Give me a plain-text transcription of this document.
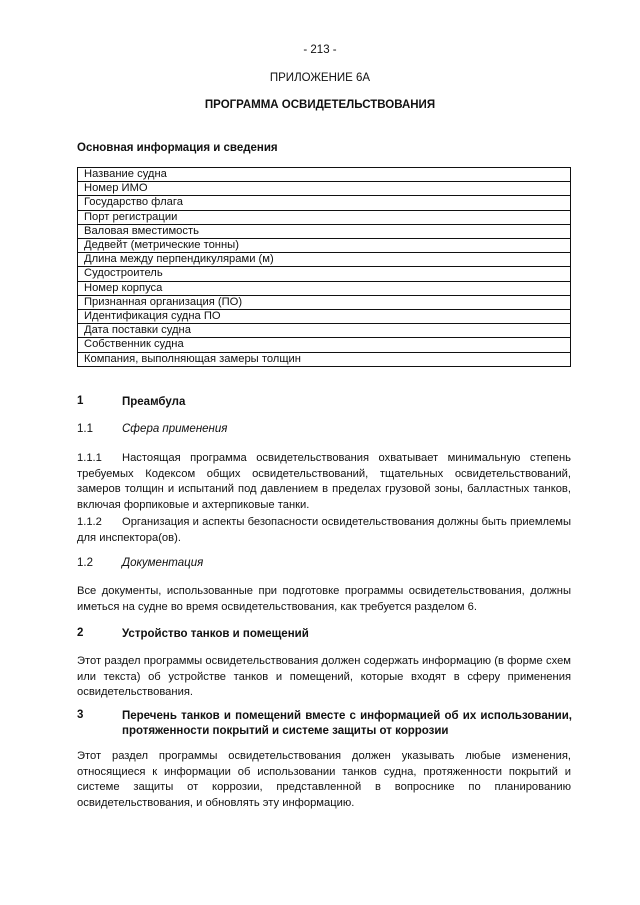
- 213 -
ПРИЛОЖЕНИЕ 6А
ПРОГРАММА ОСВИДЕТЕЛЬСТВОВАНИЯ
Основная информация и сведения
Название судна
Номер ИМО
Государство флага
Порт регистрации
Валовая вместимость
Дедвейт (метрические тонны)
Длина между перпендикулярами (м)
Судостроитель
Номер корпуса
Признанная организация (ПО)
Идентификация судна ПО
Дата поставки судна
Собственник судна
Компания, выполняющая замеры толщин
1	Преамбула
1.1	Сфера применения
1.1.1 Настоящая программа освидетельствования охватывает минимальную степень требуемых Кодексом общих освидетельствований, тщательных освидетельствований, замеров толщин и испытаний под давлением в пределах грузовой зоны, балластных танков, включая форпиковые и ахтерпиковые танки.
1.1.2 Организация и аспекты безопасности освидетельствования должны быть приемлемы для инспектора(ов).
1.2	Документация
Все документы, использованные при подготовке программы освидетельствования, должны иметься на судне во время освидетельствования, как требуется разделом 6.
2	Устройство танков и помещений
Этот раздел программы освидетельствования должен содержать информацию (в форме схем или текста) об устройстве танков и помещений, которые входят в сферу применения освидетельствования.
3	Перечень танков и помещений вместе с информацией об их использовании, протяженности покрытий и системе защиты от коррозии
Этот раздел программы освидетельствования должен указывать любые изменения, относящиеся к информации об использовании танков судна, протяженности покрытий и системе защиты от коррозии, представленной в вопроснике по планированию освидетельствования, и обновлять эту информацию.
